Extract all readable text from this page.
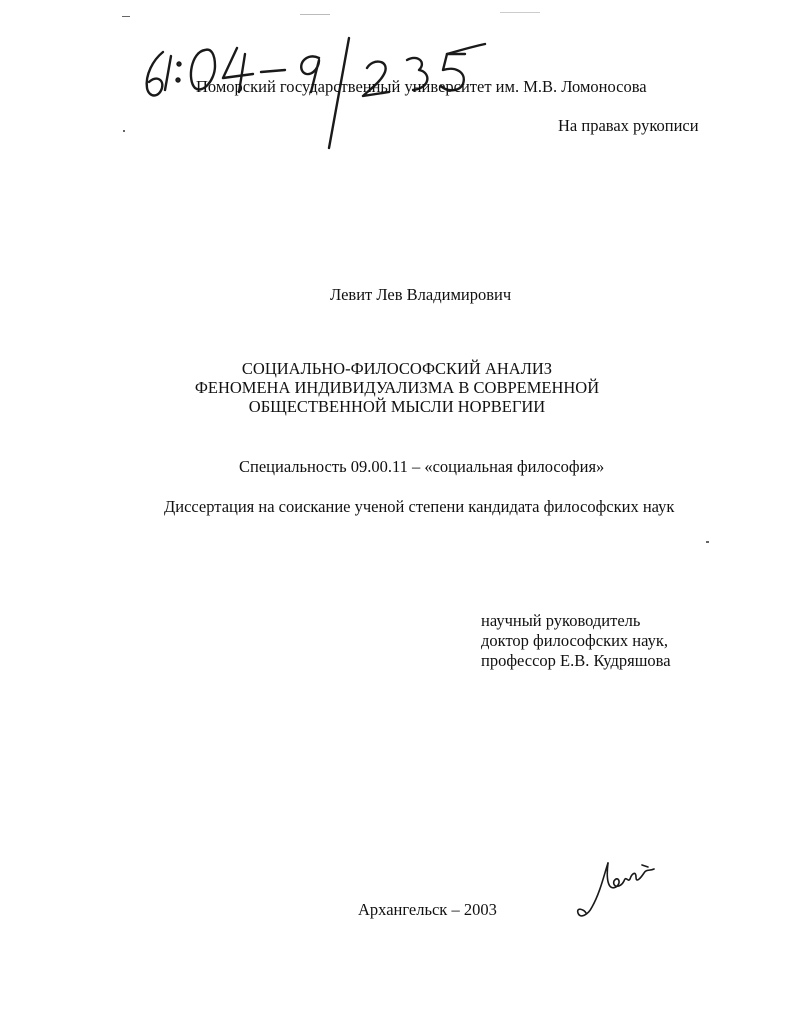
Поморский государственный университет им. М.В. Ломоносова
На правах рукописи
Левит Лев Владимирович
СОЦИАЛЬНО-ФИЛОСОФСКИЙ АНАЛИЗ
ФЕНОМЕНА ИНДИВИДУАЛИЗМА В СОВРЕМЕННОЙ
ОБЩЕСТВЕННОЙ МЫСЛИ НОРВЕГИИ
Специальность 09.00.11 – «социальная философия»
Диссертация на соискание ученой степени кандидата философских наук
научный руководитель
доктор философских наук,
профессор Е.В. Кудряшова
Архангельск – 2003
